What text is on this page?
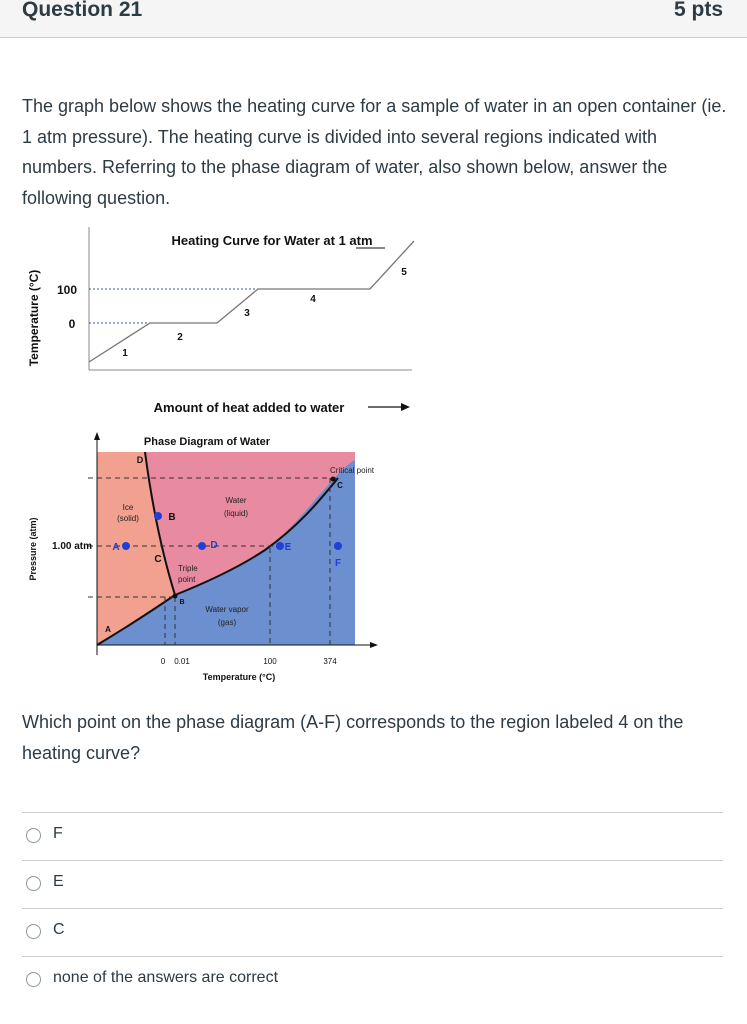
Question 21	5 pts

The graph below shows the heating curve for a sample of water in an open container (ie. 1 atm pressure). The heating curve is divided into several regions indicated with numbers. Referring to the phase diagram of water, also shown below, answer the following question.

Heating Curve for Water at 1 atm
Temperature (°C) 100
0
1
2
3
4
5
Amount of heat added to water
Phase Diagram of Water
Ice
(solid)
Water
(liquid)
Water vapor
(gas)
Triple
point
Critical point
D
B
A	D	E
F
C
C
B
A
Pressure (atm) 1.00 atm
0 0.01	100	374
Temperature (°C)

Which point on the phase diagram (A-F) corresponds to the region labeled 4 on the heating curve?

F
E
C
none of the answers are correct
